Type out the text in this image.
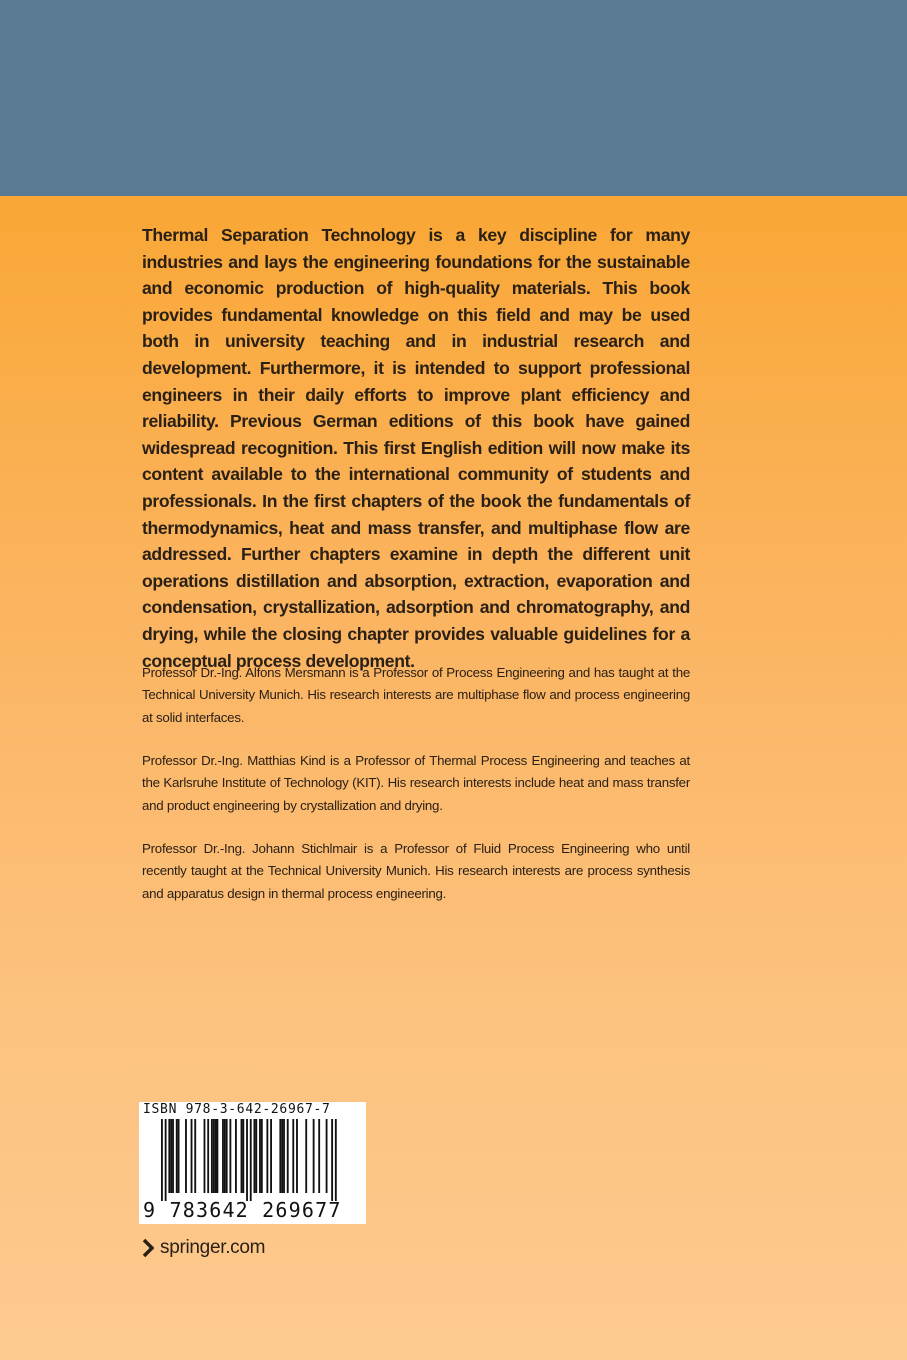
Thermal Separation Technology is a key discipline for many industries and lays the engineering foundations for the sustainable and economic production of high-quality materials. This book provides fundamental knowledge on this field and may be used both in university teaching and in industrial research and development. Furthermore, it is intended to support professional engineers in their daily efforts to improve plant efficiency and reliability. Previous German editions of this book have gained widespread recognition. This first English edition will now make its content available to the international community of students and professionals. In the first chapters of the book the fundamentals of thermodynamics, heat and mass transfer, and multiphase flow are addressed. Further chapters examine in depth the different unit operations distillation and absorption, extraction, evaporation and condensation, crystallization, adsorption and chromatography, and drying, while the closing chapter provides valuable guidelines for a conceptual process development.

Professor Dr.-Ing. Alfons Mersmann is a Professor of Process Engineering and has taught at the Technical University Munich. His research interests are multiphase flow and process engineering at solid interfaces.

Professor Dr.-Ing. Matthias Kind is a Professor of Thermal Process Engineering and teaches at the Karlsruhe Institute of Technology (KIT). His research interests include heat and mass transfer and product engineering by crystallization and drying.

Professor Dr.-Ing. Johann Stichlmair is a Professor of Fluid Process Engineering who until recently taught at the Technical University Munich. His research interests are process synthesis and apparatus design in thermal process engineering.

ISBN 978-3-642-26967-7
9 783642 269677
springer.com
